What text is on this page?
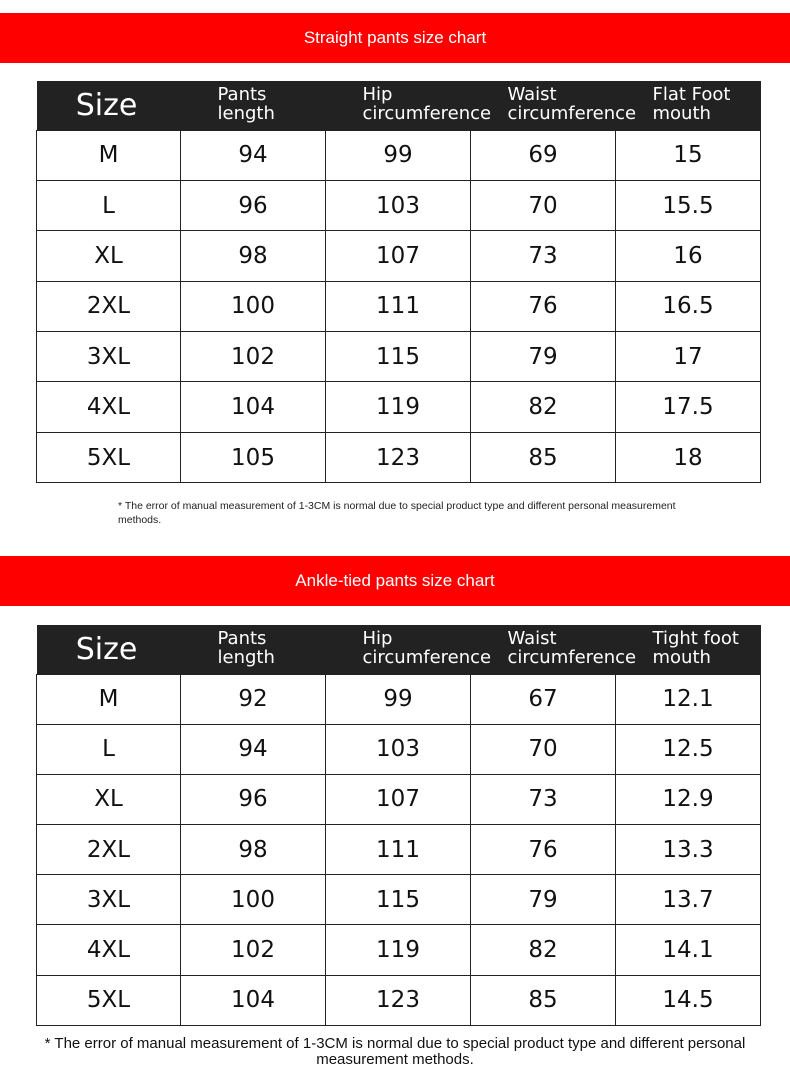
Straight pants size chart
Size	Pants length	Hip circumference	Waist circumference	Flat Foot mouth
M	94	99	69	15
L	96	103	70	15.5
XL	98	107	73	16
2XL	100	111	76	16.5
3XL	102	115	79	17
4XL	104	119	82	17.5
5XL	105	123	85	18
* The error of manual measurement of 1-3CM is normal due to special product type and different personal measurement methods.
Ankle-tied pants size chart
Size	Pants length	Hip circumference	Waist circumference	Tight foot mouth
M	92	99	67	12.1
L	94	103	70	12.5
XL	96	107	73	12.9
2XL	98	111	76	13.3
3XL	100	115	79	13.7
4XL	102	119	82	14.1
5XL	104	123	85	14.5
* The error of manual measurement of 1-3CM is normal due to special product type and different personal measurement methods.
